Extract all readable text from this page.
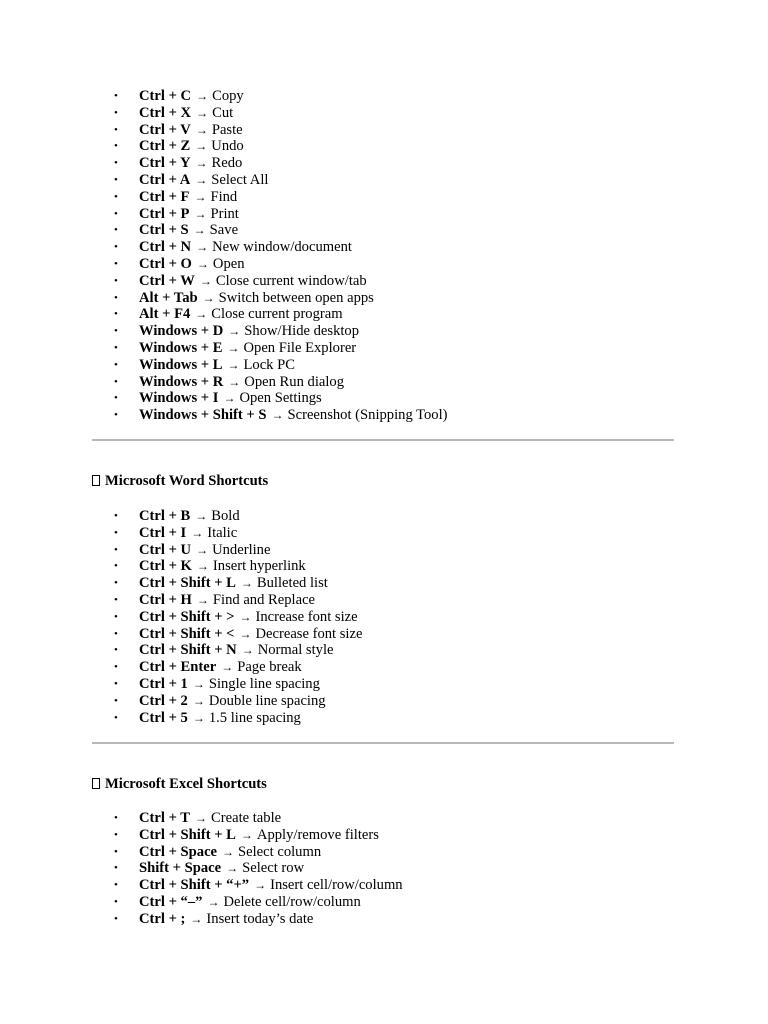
• Ctrl + C → Copy
• Ctrl + X → Cut
• Ctrl + V → Paste
• Ctrl + Z → Undo
• Ctrl + Y → Redo
• Ctrl + A → Select All
• Ctrl + F → Find
• Ctrl + P → Print
• Ctrl + S → Save
• Ctrl + N → New window/document
• Ctrl + O → Open
• Ctrl + W → Close current window/tab
• Alt + Tab → Switch between open apps
• Alt + F4 → Close current program
• Windows + D → Show/Hide desktop
• Windows + E → Open File Explorer
• Windows + L → Lock PC
• Windows + R → Open Run dialog
• Windows + I → Open Settings
• Windows + Shift + S → Screenshot (Snipping Tool)
Microsoft Word Shortcuts
• Ctrl + B → Bold
• Ctrl + I → Italic
• Ctrl + U → Underline
• Ctrl + K → Insert hyperlink
• Ctrl + Shift + L → Bulleted list
• Ctrl + H → Find and Replace
• Ctrl + Shift + > → Increase font size
• Ctrl + Shift + < → Decrease font size
• Ctrl + Shift + N → Normal style
• Ctrl + Enter → Page break
• Ctrl + 1 → Single line spacing
• Ctrl + 2 → Double line spacing
• Ctrl + 5 → 1.5 line spacing
Microsoft Excel Shortcuts
• Ctrl + T → Create table
• Ctrl + Shift + L → Apply/remove filters
• Ctrl + Space → Select column
• Shift + Space → Select row
• Ctrl + Shift + “+” → Insert cell/row/column
• Ctrl + “–” → Delete cell/row/column
• Ctrl + ; → Insert today’s date
